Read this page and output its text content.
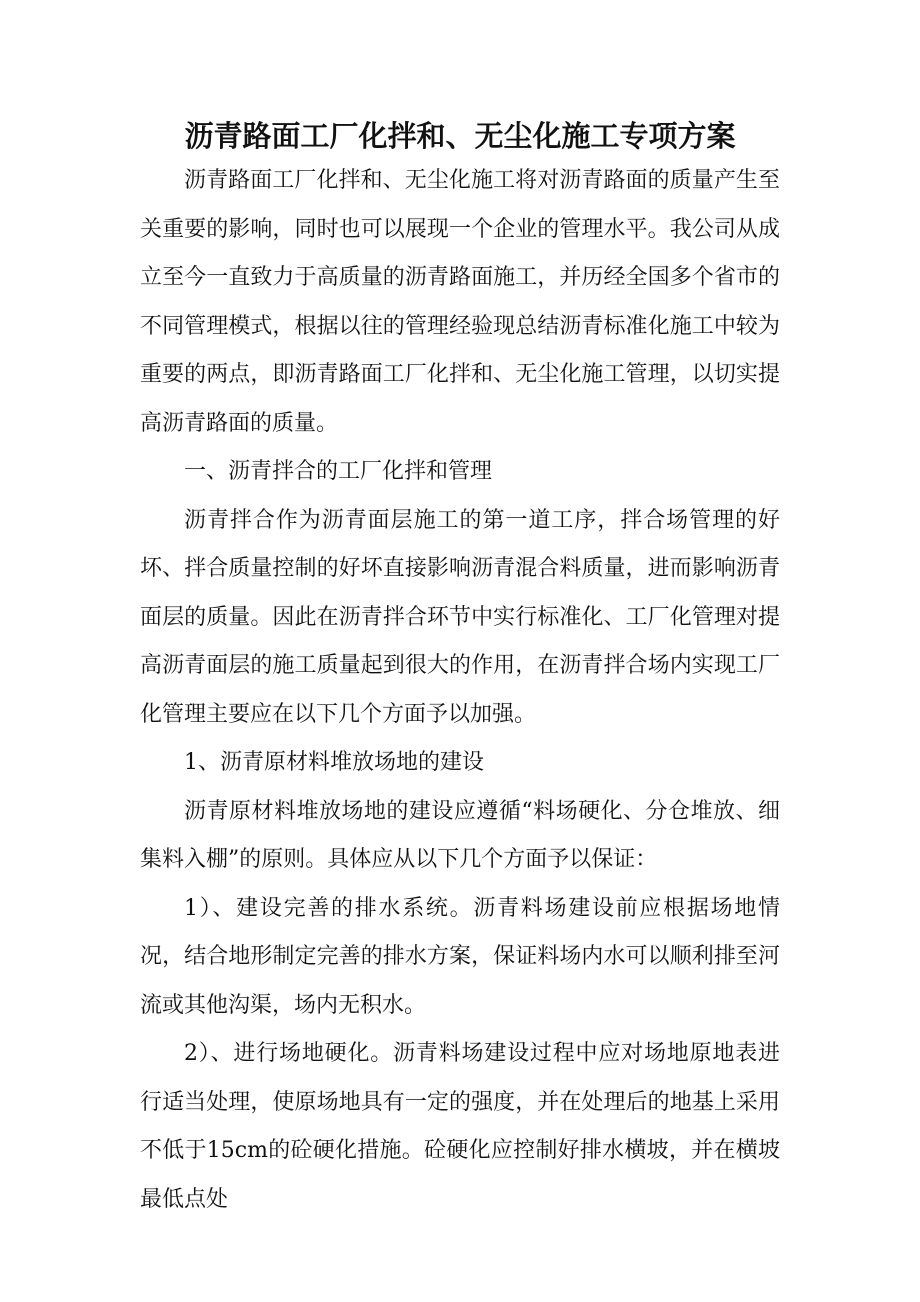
沥青路面工厂化拌和、无尘化施工专项方案

沥青路面工厂化拌和、无尘化施工将对沥青路面的质量产生至关重要的影响，同时也可以展现一个企业的管理水平。我公司从成立至今一直致力于高质量的沥青路面施工，并历经全国多个省市的不同管理模式，根据以往的管理经验现总结沥青标准化施工中较为重要的两点，即沥青路面工厂化拌和、无尘化施工管理，以切实提高沥青路面的质量。

一、沥青拌合的工厂化拌和管理

沥青拌合作为沥青面层施工的第一道工序，拌合场管理的好坏、拌合质量控制的好坏直接影响沥青混合料质量，进而影响沥青面层的质量。因此在沥青拌合环节中实行标准化、工厂化管理对提高沥青面层的施工质量起到很大的作用，在沥青拌合场内实现工厂化管理主要应在以下几个方面予以加强。

1、沥青原材料堆放场地的建设

沥青原材料堆放场地的建设应遵循“料场硬化、分仓堆放、细集料入棚”的原则。具体应从以下几个方面予以保证：

1）、建设完善的排水系统。沥青料场建设前应根据场地情况，结合地形制定完善的排水方案，保证料场内水可以顺利排至河流或其他沟渠，场内无积水。

2）、进行场地硬化。沥青料场建设过程中应对场地原地表进行适当处理，使原场地具有一定的强度，并在处理后的地基上采用不低于15cm的砼硬化措施。砼硬化应控制好排水横坡，并在横坡最低点处
